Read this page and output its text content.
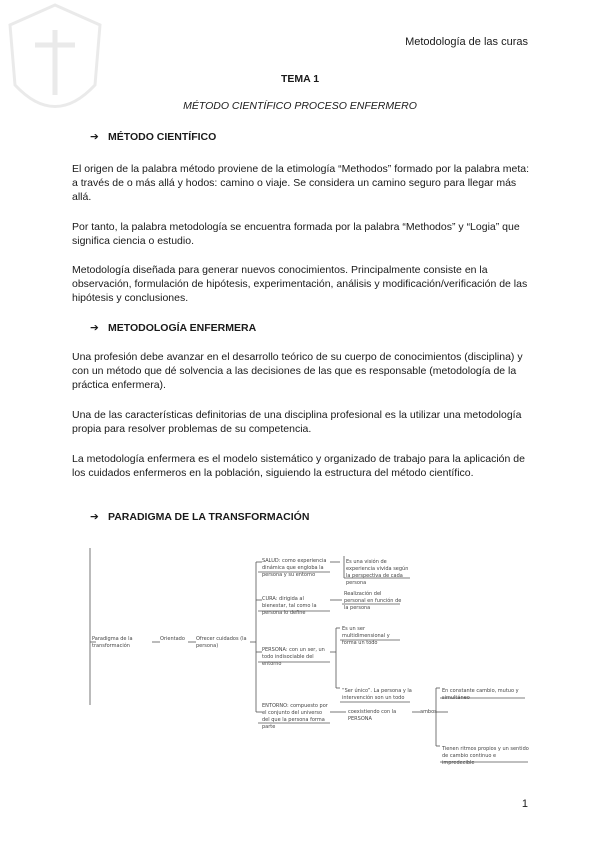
Metodología de las curas
TEMA 1
MÉTODO CIENTÍFICO PROCESO ENFERMERO
➔ MÉTODO CIENTÍFICO

El origen de la palabra método proviene de la etimología “Methodos” formado por la palabra meta: a través de o más allá y hodos: camino o viaje. Se considera un camino seguro para llegar más allá.

Por tanto, la palabra metodología se encuentra formada por la palabra “Methodos” y “Logia” que significa ciencia o estudio.

Metodología diseñada para generar nuevos conocimientos. Principalmente consiste en la observación, formulación de hipótesis, experimentación, análisis y modificación/verificación de las hipótesis y conclusiones.

➔ METODOLOGÍA ENFERMERA

Una profesión debe avanzar en el desarrollo teórico de su cuerpo de conocimientos (disciplina) y con un método que dé solvencia a las decisiones de las que es responsable (metodología de la práctica enfermera).

Una de las características definitorias de una disciplina profesional es la utilizar una metodología propia para resolver problemas de su competencia.

La metodología enfermera es el modelo sistemático y organizado de trabajo para la aplicación de los cuidados enfermeros en la población, siguiendo la estructura del método científico.

➔ PARADIGMA DE LA TRANSFORMACIÓN
Paradigma de la transformación
Orientado	Ofrecer cuidados (la persona)
SALUD: como experiencia dinámica que engloba la persona y su entorno
Es una visión de experiencia vivida según la perspectiva de cada persona
CURA: dirigida al bienestar, tal como la persona lo define
Realización del personal en función de la persona
PERSONA: con un ser, un todo indisociable del entorno
Es un ser multidimensional y forma un todo
“Ser único”. La persona y la intervención son un todo
ENTORNO: compuesto por el conjunto del universo del que la persona forma parte
coexistiendo con la PERSONA
ambos
En constante cambio, mutuo y simultáneo
Tienen ritmos propios y un sentido de cambio continuo e impredecible
1
